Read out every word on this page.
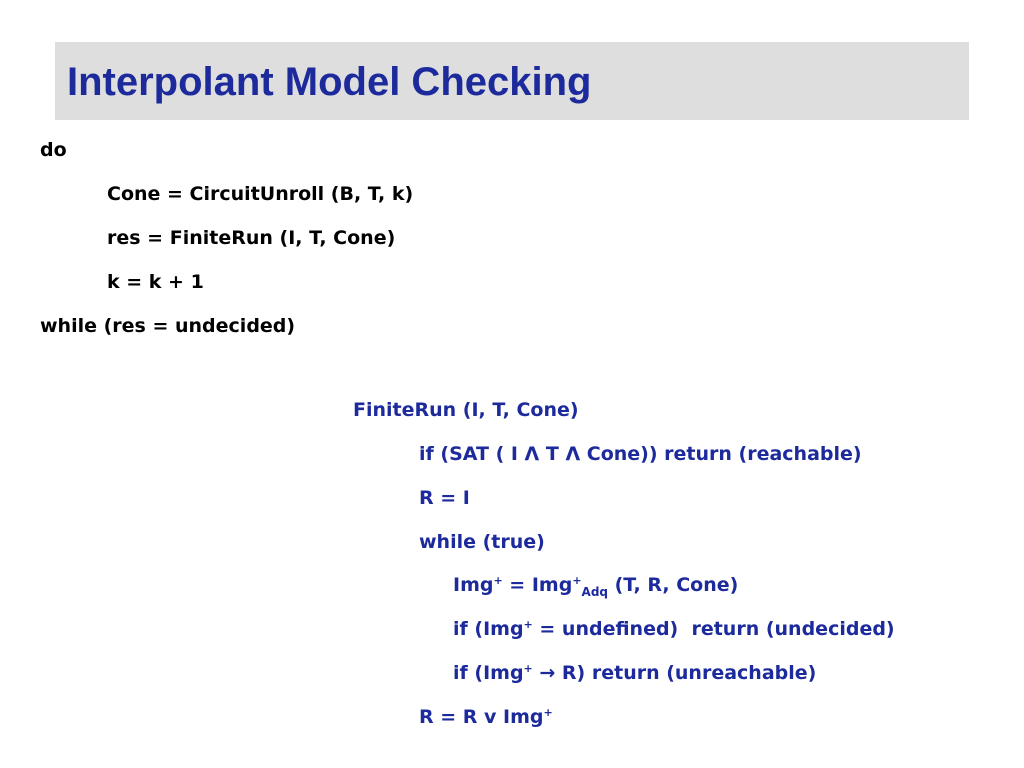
Interpolant Model Checking
do
Cone = CircuitUnroll (B, T, k)
res = FiniteRun (I, T, Cone)
k = k + 1
while (res = undecided)
FiniteRun (I, T, Cone)
if (SAT ( I Λ T Λ Cone)) return (reachable)
R = I
while (true)
Img+ = Img+$_{Adq}$ (T, R, Cone)
if (Img+ = undefined)  return (undecided)
if (Img+ → R) return (unreachable)
R = R v Img+
